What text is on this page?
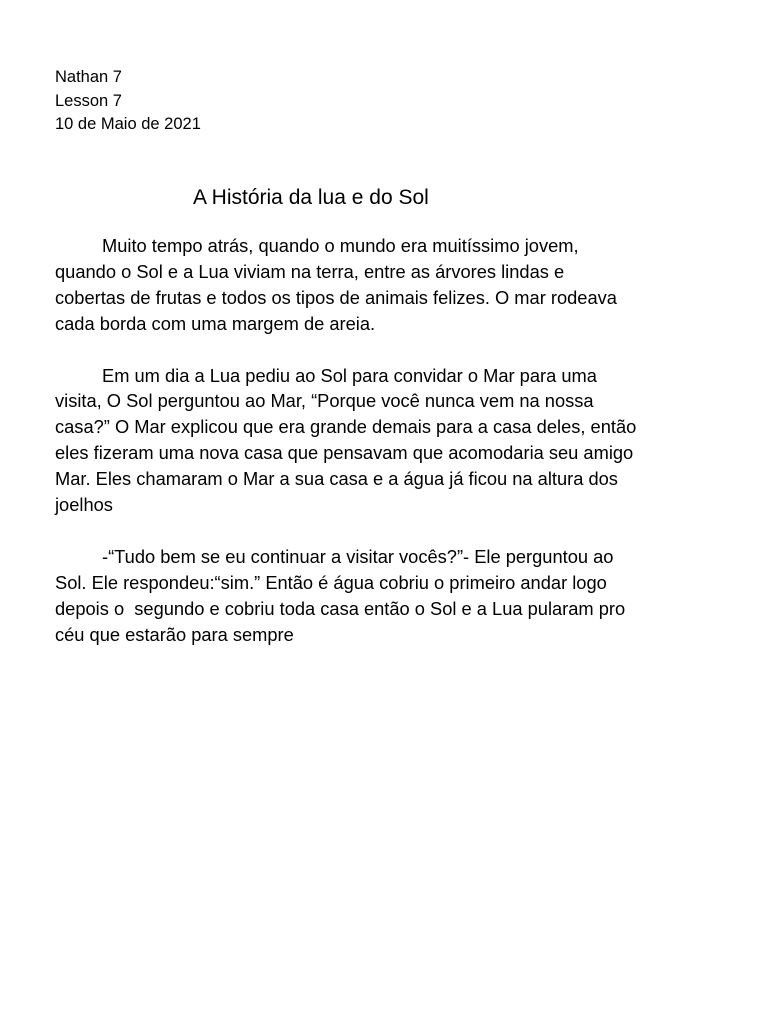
Nathan 7
Lesson 7
10 de Maio de 2021
A História da lua e do Sol

Muito tempo atrás, quando o mundo era muitíssimo jovem,
quando o Sol e a Lua viviam na terra, entre as árvores lindas e
cobertas de frutas e todos os tipos de animais felizes. O mar rodeava
cada borda com uma margem de areia.

Em um dia a Lua pediu ao Sol para convidar o Mar para uma
visita, O Sol perguntou ao Mar, “Porque você nunca vem na nossa
casa?” O Mar explicou que era grande demais para a casa deles, então
eles fizeram uma nova casa que pensavam que acomodaria seu amigo
Mar. Eles chamaram o Mar a sua casa e a água já ficou na altura dos
joelhos

-“Tudo bem se eu continuar a visitar vocês?”- Ele perguntou ao
Sol. Ele respondeu:“sim.” Então é água cobriu o primeiro andar logo
depois o  segundo e cobriu toda casa então o Sol e a Lua pularam pro
céu que estarão para sempre
